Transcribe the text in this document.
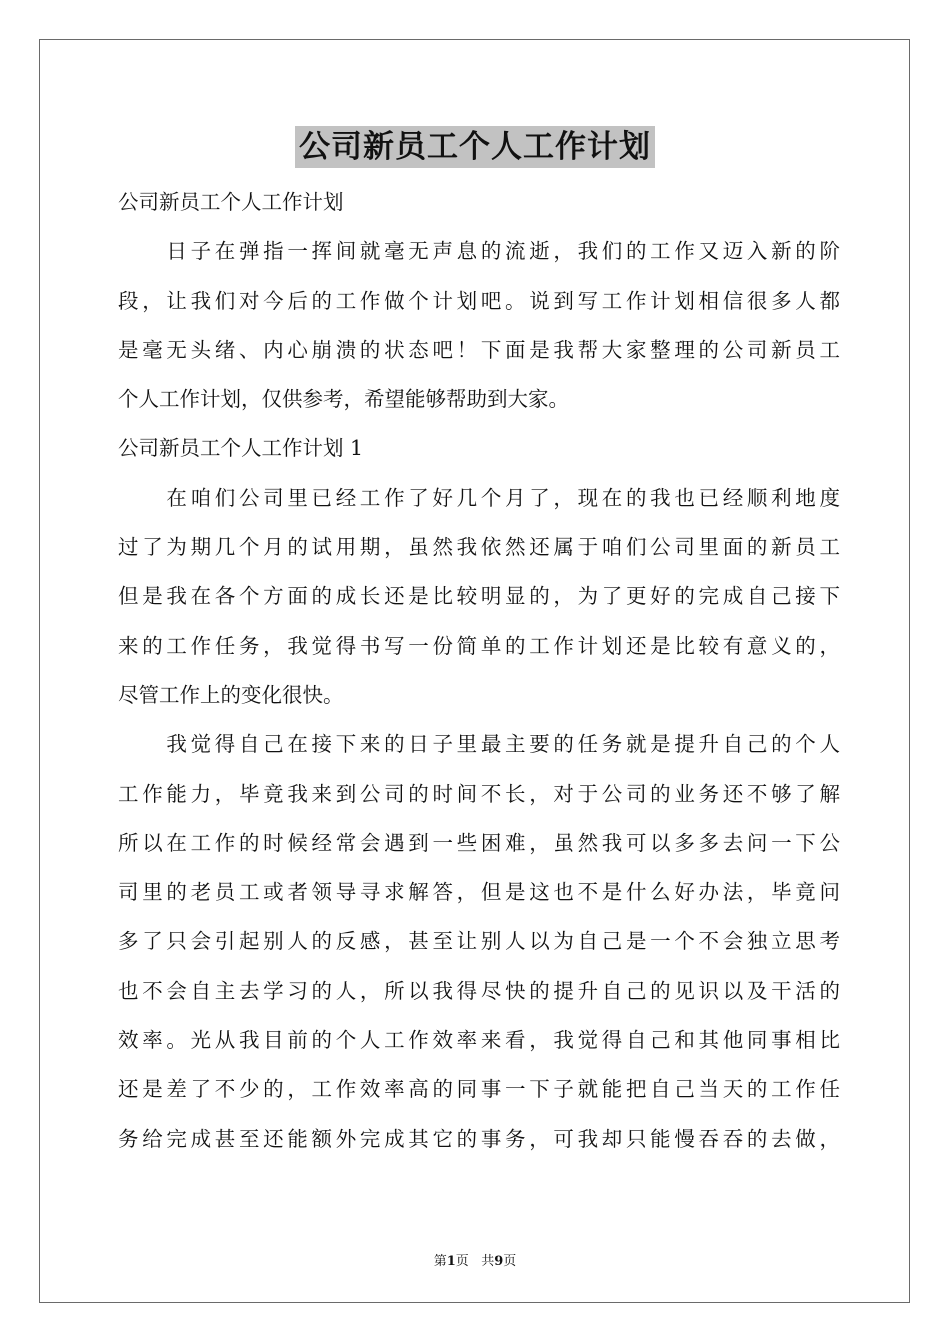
公司新员工个人工作计划
公司新员工个人工作计划
　　日子在弹指一挥间就毫无声息的流逝，我们的工作又迈入新的阶
段，让我们对今后的工作做个计划吧。说到写工作计划相信很多人都
是毫无头绪、内心崩溃的状态吧！下面是我帮大家整理的公司新员工
个人工作计划，仅供参考，希望能够帮助到大家。
公司新员工个人工作计划 1
　　在咱们公司里已经工作了好几个月了，现在的我也已经顺利地度
过了为期几个月的试用期，虽然我依然还属于咱们公司里面的新员工
但是我在各个方面的成长还是比较明显的，为了更好的完成自己接下
来的工作任务，我觉得书写一份简单的工作计划还是比较有意义的，
尽管工作上的变化很快。
　　我觉得自己在接下来的日子里最主要的任务就是提升自己的个人
工作能力，毕竟我来到公司的时间不长，对于公司的业务还不够了解
所以在工作的时候经常会遇到一些困难，虽然我可以多多去问一下公
司里的老员工或者领导寻求解答，但是这也不是什么好办法，毕竟问
多了只会引起别人的反感，甚至让别人以为自己是一个不会独立思考
也不会自主去学习的人，所以我得尽快的提升自己的见识以及干活的
效率。光从我目前的个人工作效率来看，我觉得自己和其他同事相比
还是差了不少的，工作效率高的同事一下子就能把自己当天的工作任
务给完成甚至还能额外完成其它的事务，可我却只能慢吞吞的去做，
第1页 共9页
